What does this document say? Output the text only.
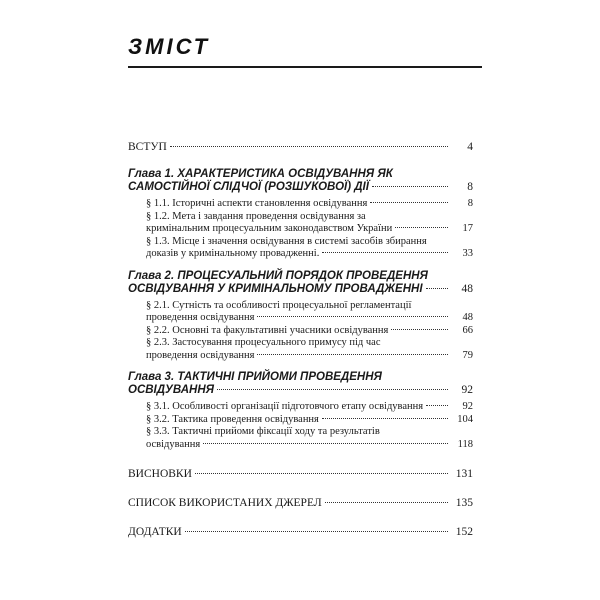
ЗМІСТ
ВСТУП	4
Глава 1. ХАРАКТЕРИСТИКА ОСВІДУВАННЯ ЯК
САМОСТІЙНОЇ СЛІДЧОЇ (РОЗШУКОВОЇ) ДІЇ	8
§ 1.1. Історичні аспекти становлення освідування	8
§ 1.2. Мета і завдання проведення освідування за
кримінальним процесуальним законодавством України	17
§ 1.3. Місце і значення освідування в системі засобів збирання
доказів у кримінальному провадженні.	33
Глава 2. ПРОЦЕСУАЛЬНИЙ ПОРЯДОК ПРОВЕДЕННЯ
ОСВІДУВАННЯ У КРИМІНАЛЬНОМУ ПРОВАДЖЕННІ	48
§ 2.1. Сутність та особливості процесуальної регламентації
проведення освідування	48
§ 2.2. Основні та факультативні учасники освідування	66
§ 2.3. Застосування процесуального примусу під час
проведення освідування	79
Глава 3. ТАКТИЧНІ ПРИЙОМИ ПРОВЕДЕННЯ
ОСВІДУВАННЯ	92
§ 3.1. Особливості організації підготовчого етапу освідування	92
§ 3.2. Тактика проведення освідування	104
§ 3.3. Тактичні прийоми фіксації ходу та результатів
освідування	118
ВИСНОВКИ	131
СПИСОК ВИКОРИСТАНИХ ДЖЕРЕЛ	135
ДОДАТКИ	152
